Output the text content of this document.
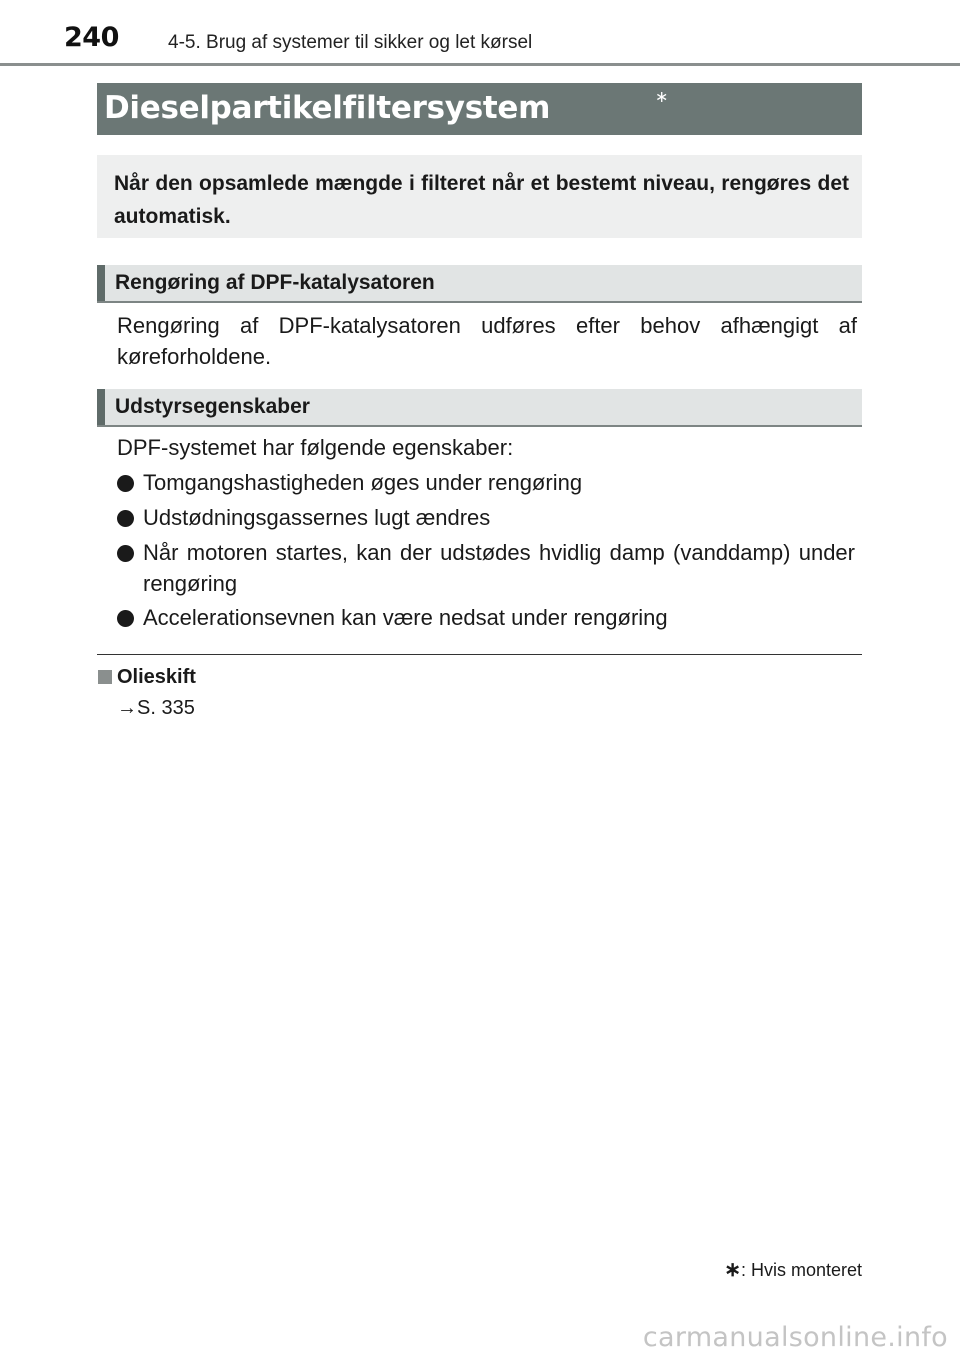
240	4-5. Brug af systemer til sikker og let kørsel
Dieselpartikelfiltersystem	∗
Når den opsamlede mængde i filteret når et bestemt niveau, rengøres det automatisk.
Rengøring af DPF-katalysatoren
Rengøring af DPF-katalysatoren udføres efter behov afhængigt af køreforholdene.
Udstyrsegenskaber
DPF-systemet har følgende egenskaber:
Tomgangshastigheden øges under rengøring
Udstødningsgassernes lugt ændres
Når motoren startes, kan der udstødes hvidlig damp (vanddamp) under rengøring
Accelerationsevnen kan være nedsat under rengøring
Olieskift
→S. 335
∗: Hvis monteret
carmanualsonline.info
